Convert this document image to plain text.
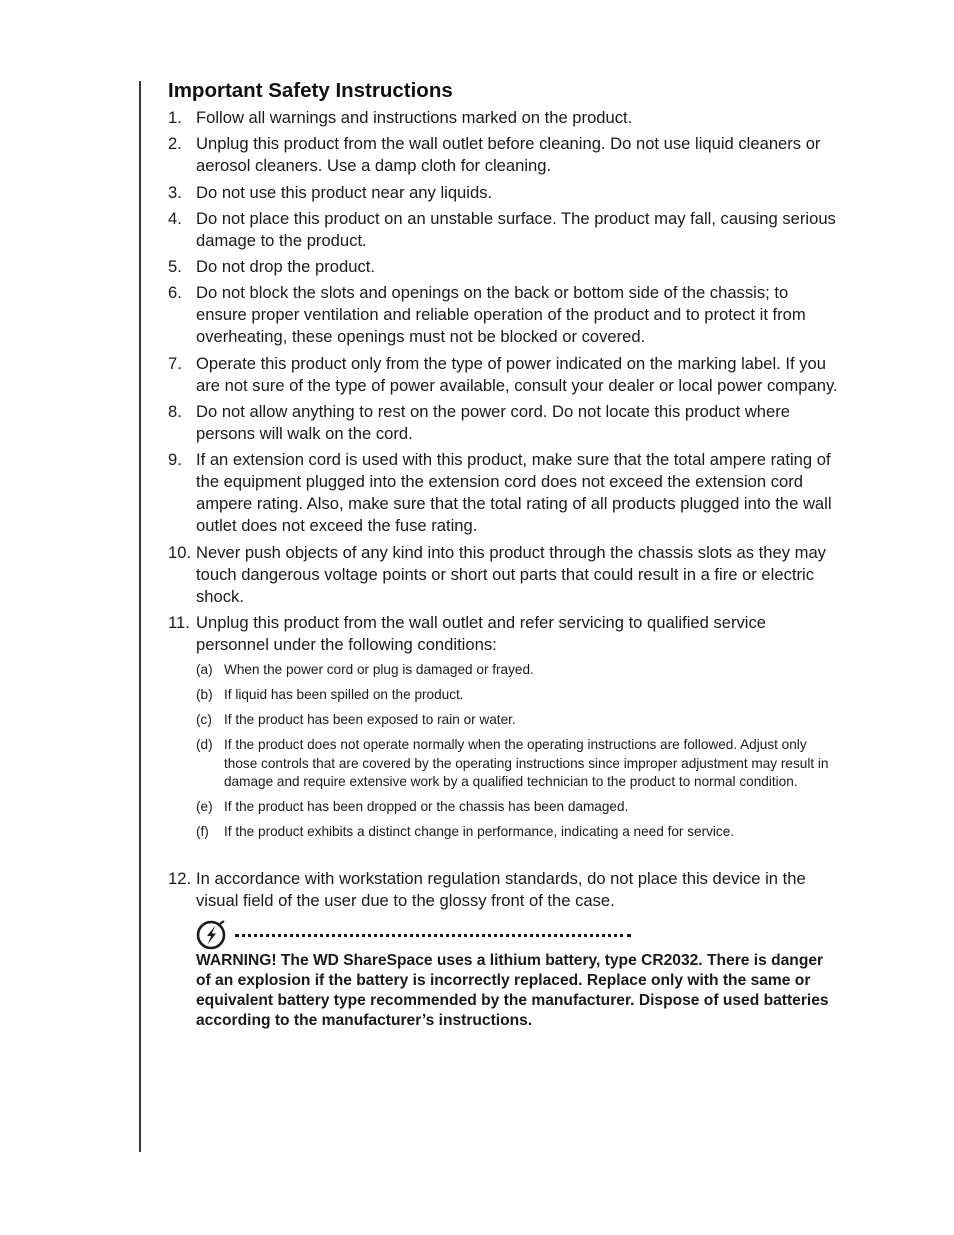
Important Safety Instructions
1. Follow all warnings and instructions marked on the product.
2. Unplug this product from the wall outlet before cleaning. Do not use liquid cleaners or aerosol cleaners. Use a damp cloth for cleaning.
3. Do not use this product near any liquids.
4. Do not place this product on an unstable surface. The product may fall, causing serious damage to the product.
5. Do not drop the product.
6. Do not block the slots and openings on the back or bottom side of the chassis; to ensure proper ventilation and reliable operation of the product and to protect it from overheating, these openings must not be blocked or covered.
7. Operate this product only from the type of power indicated on the marking label. If you are not sure of the type of power available, consult your dealer or local power company.
8. Do not allow anything to rest on the power cord. Do not locate this product where persons will walk on the cord.
9. If an extension cord is used with this product, make sure that the total ampere rating of the equipment plugged into the extension cord does not exceed the extension cord ampere rating. Also, make sure that the total rating of all products plugged into the wall outlet does not exceed the fuse rating.
10. Never push objects of any kind into this product through the chassis slots as they may touch dangerous voltage points or short out parts that could result in a fire or electric shock.
11. Unplug this product from the wall outlet and refer servicing to qualified service personnel under the following conditions:
(a) When the power cord or plug is damaged or frayed.
(b) If liquid has been spilled on the product.
(c) If the product has been exposed to rain or water.
(d) If the product does not operate normally when the operating instructions are followed. Adjust only those controls that are covered by the operating instructions since improper adjustment may result in damage and require extensive work by a qualified technician to the product to normal condition.
(e) If the product has been dropped or the chassis has been damaged.
(f)	If the product exhibits a distinct change in performance, indicating a need for service.
12. In accordance with workstation regulation standards, do not place this device in the visual field of the user due to the glossy front of the case.
WARNING! The WD ShareSpace uses a lithium battery, type CR2032. There is danger of an explosion if the battery is incorrectly replaced. Replace only with the same or equivalent battery type recommended by the manufacturer. Dispose of used batteries according to the manufacturer’s instructions.
